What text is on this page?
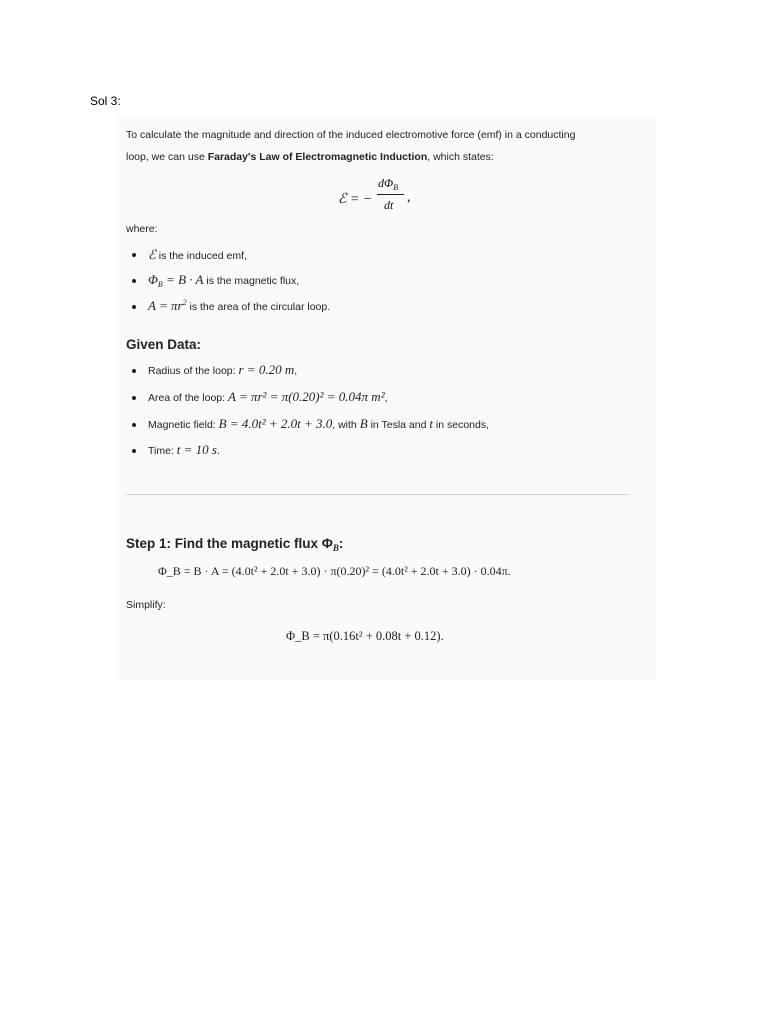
Sol 3:
To calculate the magnitude and direction of the induced electromotive force (emf) in a conducting
loop, we can use Faraday's Law of Electromagnetic Induction, which states:
ℰ = −
$d\Phi_B$
dt ,
where:
ℰ is the induced emf,
$\Phi_B = B \cdot A$ is the magnetic flux,
$A = \pi r^2$ is the area of the circular loop.
Given Data:
Radius of the loop: r = 0.20 m,
Area of the loop: A = πr² = π(0.20)² = 0.04π m²,
Magnetic field: B = 4.0t² + 2.0t + 3.0, with B in Tesla and t in seconds,
Time: t = 10 s.
Step 1: Find the magnetic flux $\Phi_B$:
Φ_B = B · A = (4.0t² + 2.0t + 3.0) · π(0.20)² = (4.0t² + 2.0t + 3.0) · 0.04π.
Simplify:
Φ_B = π(0.16t² + 0.08t + 0.12).
